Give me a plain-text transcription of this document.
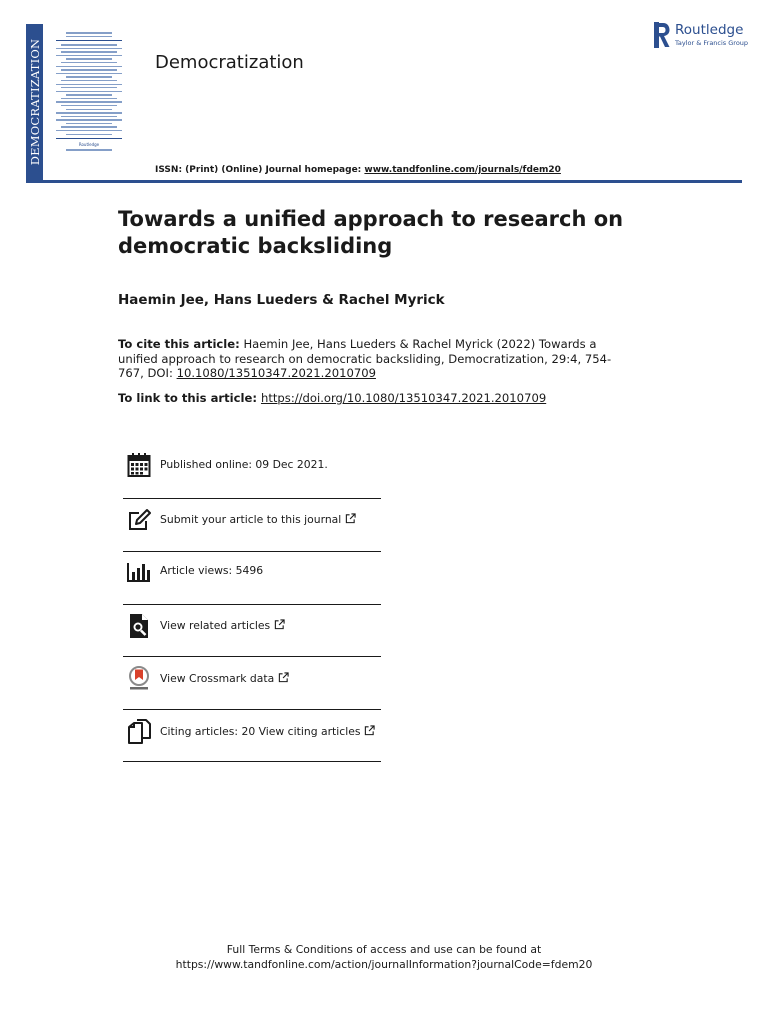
DEMOCRATIZATION	Routledge
Democratization
ISSN: (Print) (Online) Journal homepage: www.tandfonline.com/journals/fdem20
Routledge
Taylor & Francis Group
Towards a unified approach to research on democratic backsliding
Haemin Jee, Hans Lueders & Rachel Myrick
To cite this article: Haemin Jee, Hans Lueders & Rachel Myrick (2022) Towards a unified approach to research on democratic backsliding, Democratization, 29:4, 754-767, DOI: 10.1080/13510347.2021.2010709
To link to this article: https://doi.org/10.1080/13510347.2021.2010709
Published online: 09 Dec 2021.
Submit your article to this journal
Article views: 5496
View related articles
View Crossmark data
Citing articles: 20 View citing articles
Full Terms & Conditions of access and use can be found at
https://www.tandfonline.com/action/journalInformation?journalCode=fdem20
